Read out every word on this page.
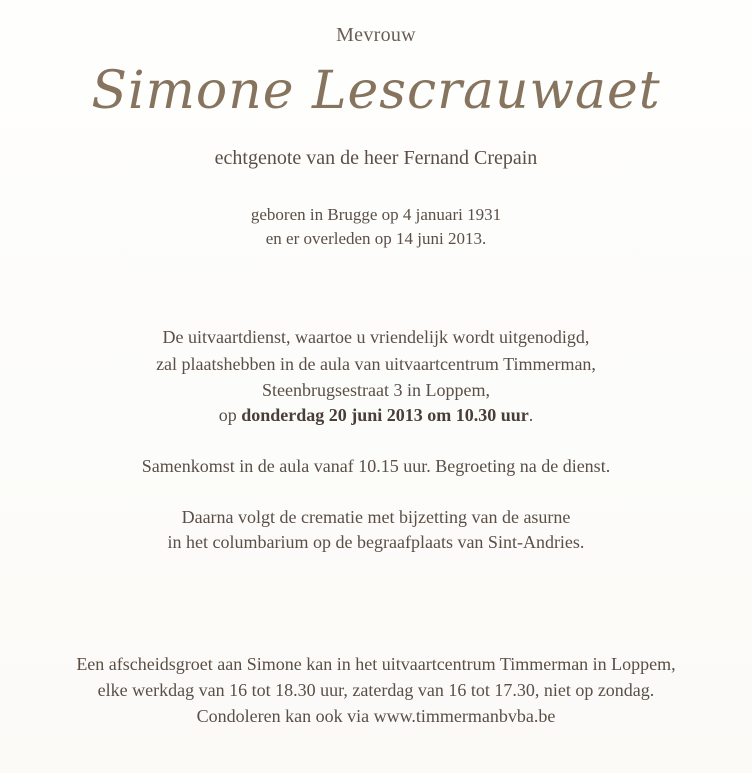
Mevrouw
Simone Lescrauwaet
echtgenote van de heer Fernand Crepain
geboren in Brugge op 4 januari 1931
en er overleden op 14 juni 2013.
De uitvaartdienst, waartoe u vriendelijk wordt uitgenodigd,
zal plaatshebben in de aula van uitvaartcentrum Timmerman,
Steenbrugsestraat 3 in Loppem,
op donderdag 20 juni 2013 om 10.30 uur.
Samenkomst in de aula vanaf 10.15 uur. Begroeting na de dienst.
Daarna volgt de crematie met bijzetting van de asurne
in het columbarium op de begraafplaats van Sint-Andries.
Een afscheidsgroet aan Simone kan in het uitvaartcentrum Timmerman in Loppem,
elke werkdag van 16 tot 18.30 uur, zaterdag van 16 tot 17.30, niet op zondag.
Condoleren kan ook via www.timmermanbvba.be
